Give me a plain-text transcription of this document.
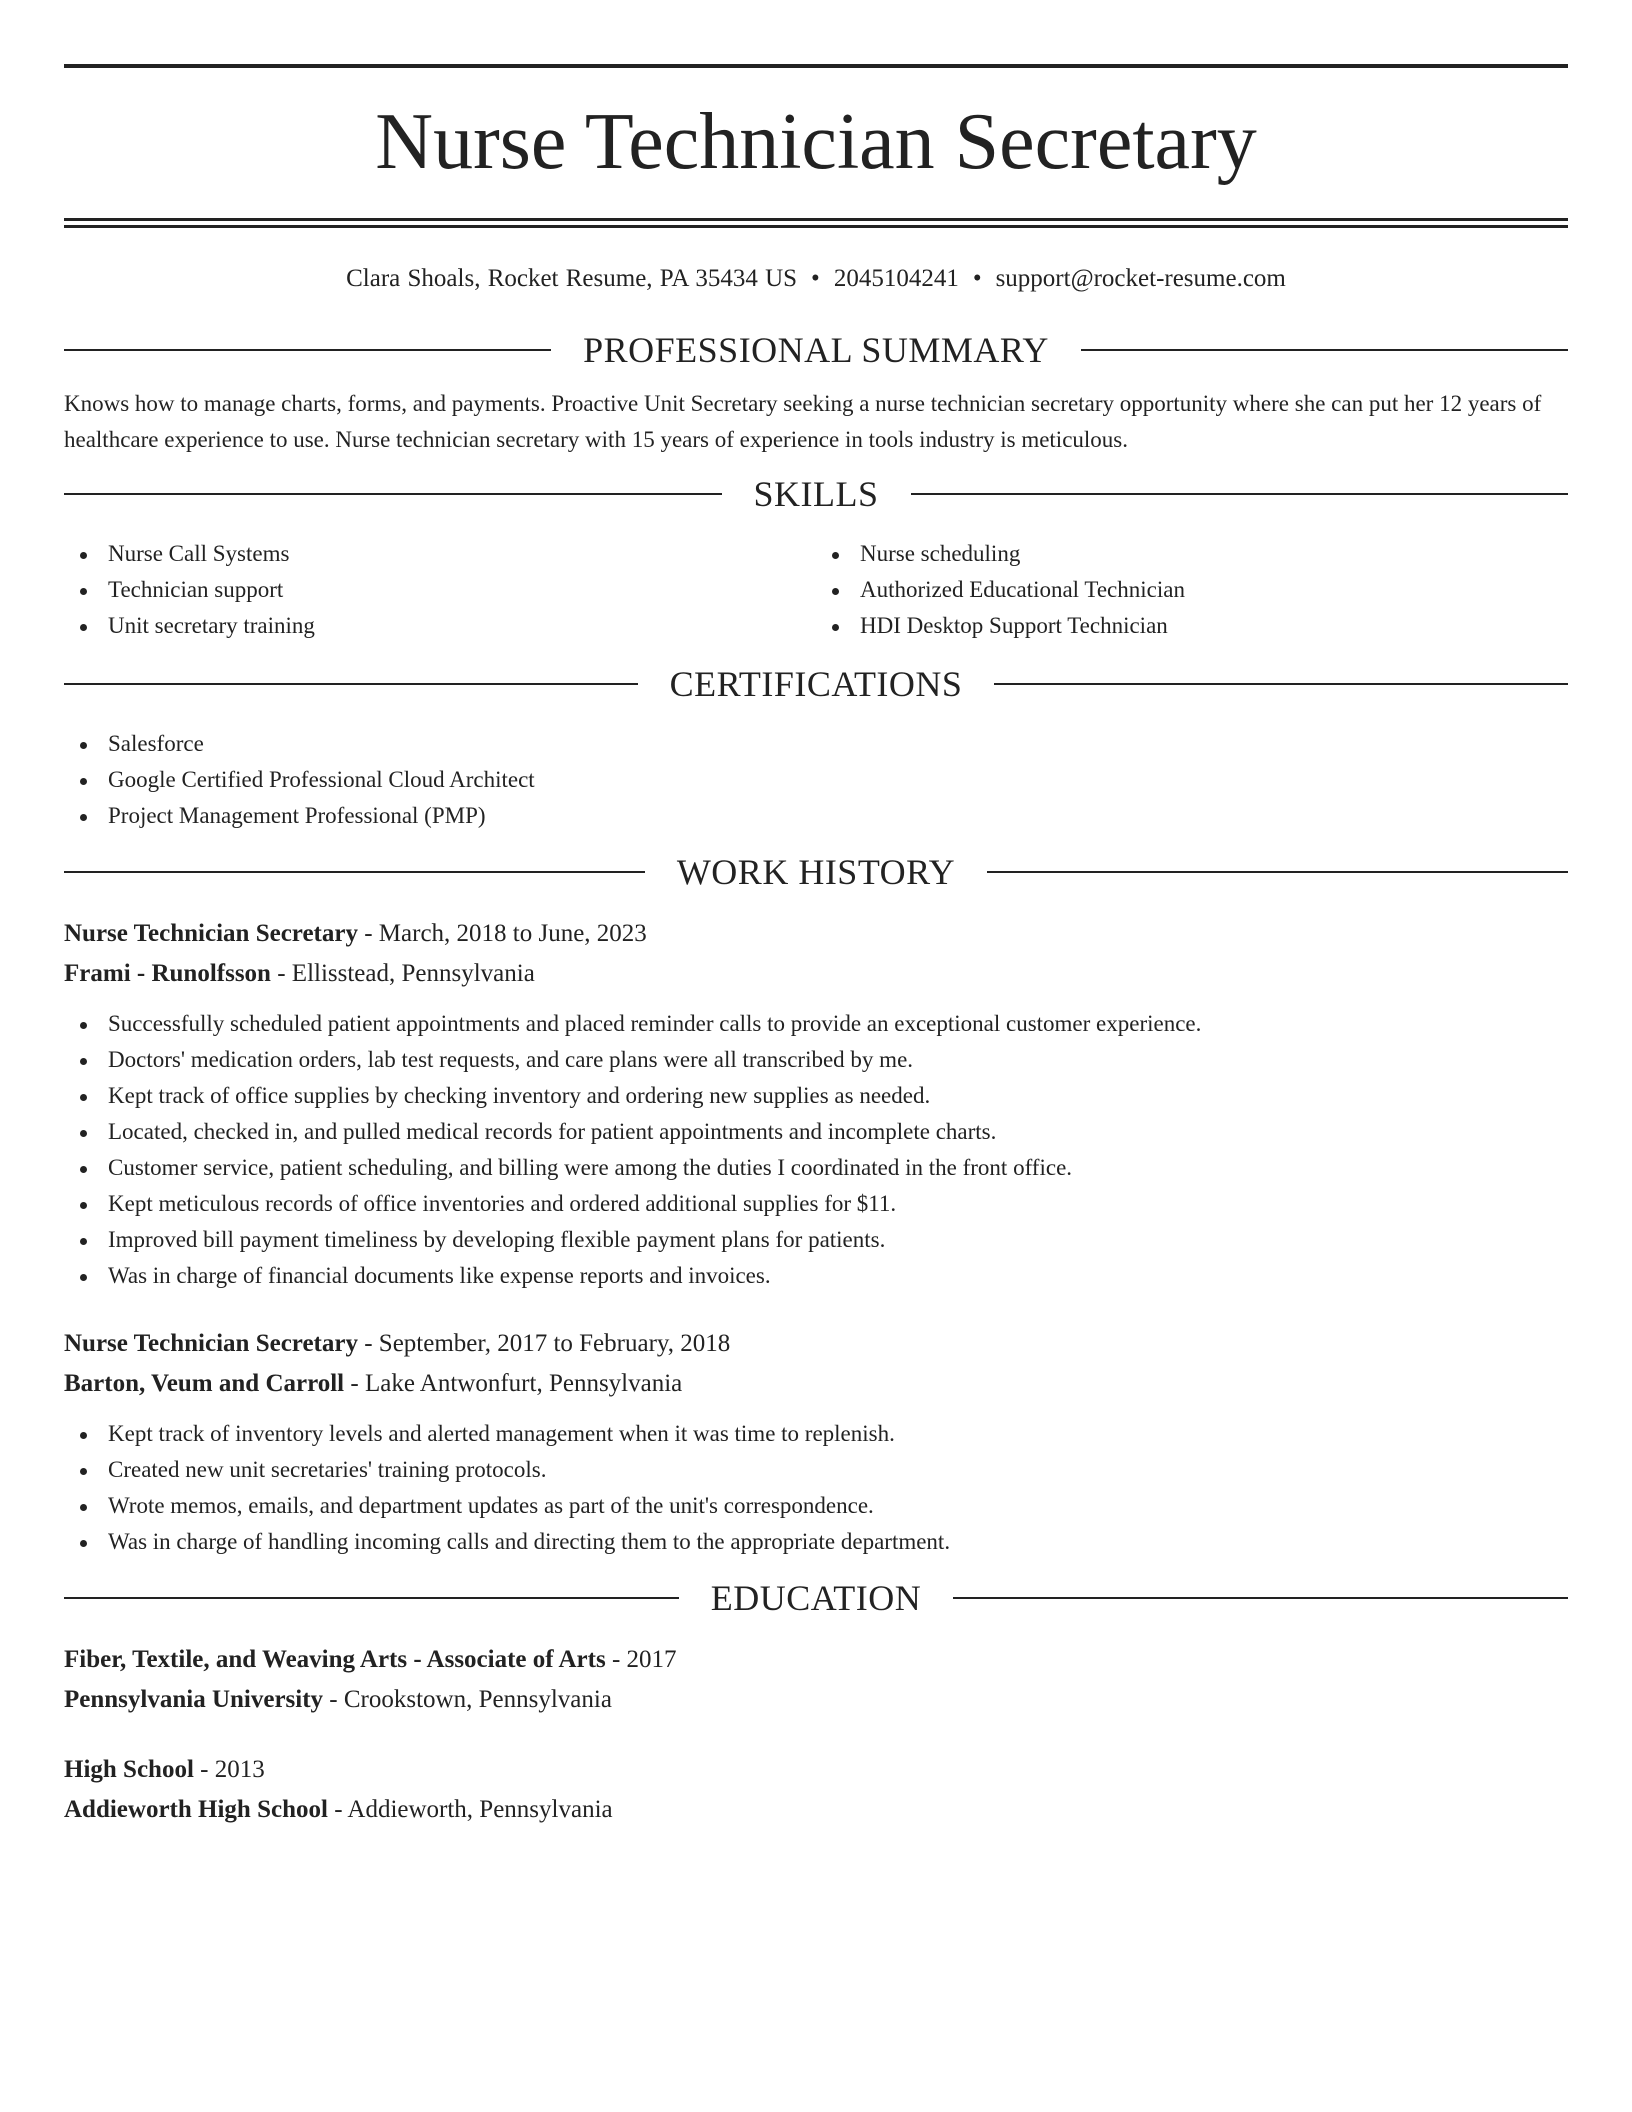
Nurse Technician Secretary
Clara Shoals, Rocket Resume, PA 35434 US • 2045104241 • support@rocket-resume.com
PROFESSIONAL SUMMARY

Knows how to manage charts, forms, and payments. Proactive Unit Secretary seeking a nurse technician secretary opportunity where she can put her 12 years of healthcare experience to use. Nurse technician secretary with 15 years of experience in tools industry is meticulous.

SKILLS
Nurse Call Systems
Technician support
Unit secretary training
Nurse scheduling
Authorized Educational Technician
HDI Desktop Support Technician
CERTIFICATIONS
Salesforce
Google Certified Professional Cloud Architect
Project Management Professional (PMP)
WORK HISTORY
Nurse Technician Secretary - March, 2018 to June, 2023
Frami - Runolfsson - Ellisstead, Pennsylvania
Successfully scheduled patient appointments and placed reminder calls to provide an exceptional customer experience.
Doctors' medication orders, lab test requests, and care plans were all transcribed by me.
Kept track of office supplies by checking inventory and ordering new supplies as needed.
Located, checked in, and pulled medical records for patient appointments and incomplete charts.
Customer service, patient scheduling, and billing were among the duties I coordinated in the front office.
Kept meticulous records of office inventories and ordered additional supplies for $11.
Improved bill payment timeliness by developing flexible payment plans for patients.
Was in charge of financial documents like expense reports and invoices.
Nurse Technician Secretary - September, 2017 to February, 2018
Barton, Veum and Carroll - Lake Antwonfurt, Pennsylvania
Kept track of inventory levels and alerted management when it was time to replenish.
Created new unit secretaries' training protocols.
Wrote memos, emails, and department updates as part of the unit's correspondence.
Was in charge of handling incoming calls and directing them to the appropriate department.
EDUCATION
Fiber, Textile, and Weaving Arts - Associate of Arts - 2017
Pennsylvania University - Crookstown, Pennsylvania
High School - 2013
Addieworth High School - Addieworth, Pennsylvania
